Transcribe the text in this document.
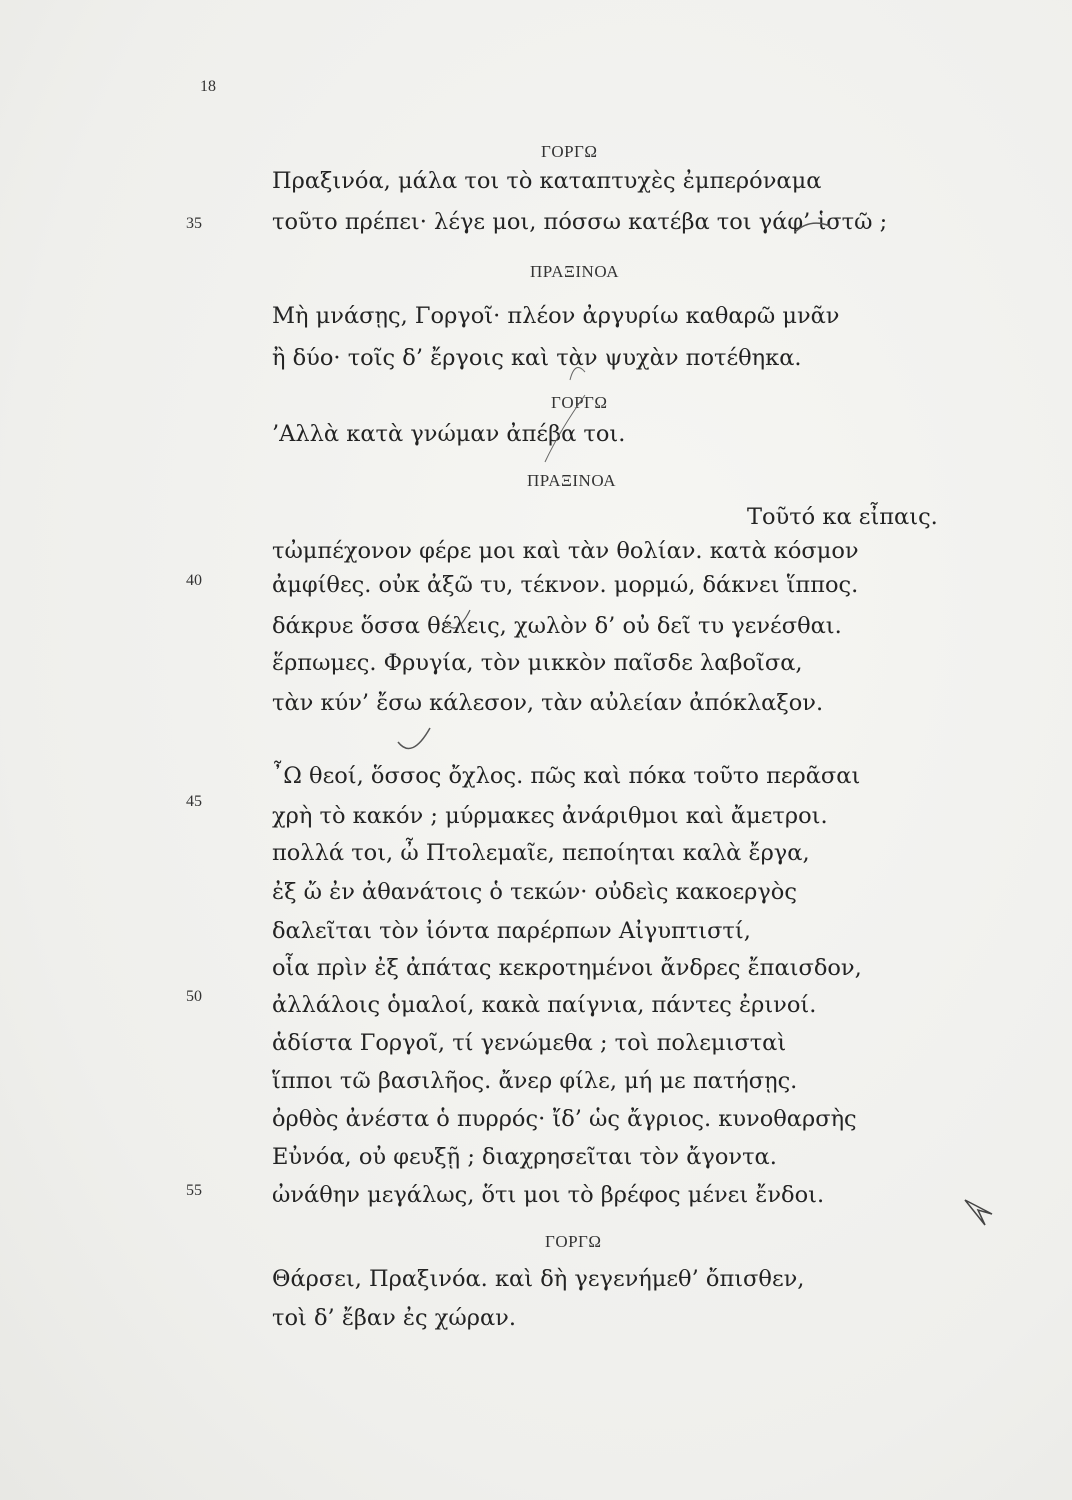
18
35
40
45
50
55
ΓΟΡΓΩ
Πραξινόα, μάλα τοι τὸ καταπτυχὲς ἐμπερόναμα
τοῦτο πρέπει· λέγε μοι, πόσσω κατέβα τοι γάφ’ ἱστῶ ;
ΠΡΑΞΙΝΟΑ
Μὴ μνάσῃς, Γοργοῖ· πλέον ἀργυρίω καθαρῶ μνᾶν
ἢ δύο· τοῖς δ’ ἔργοις καὶ τὰν ψυχὰν ποτέθηκα.
ΓΟΡΓΩ
’Αλλὰ κατὰ γνώμαν ἀπέβα τοι.
ΠΡΑΞΙΝΟΑ
Τοῦτό κα εἶπαις.
τὠμπέχονον φέρε μοι καὶ τὰν θολίαν. κατὰ κόσμον
ἀμφίθες. οὐκ ἀξῶ τυ, τέκνον. μορμώ, δάκνει ἵππος.
δάκρυε ὅσσα θέλεις, χωλὸν δ’ οὐ δεῖ τυ γενέσθαι.
ἕρπωμες. Φρυγία, τὸν μικκὸν παῖσδε λαβοῖσα,
τὰν κύν’ ἔσω κάλεσον, τὰν αὐλείαν ἀπόκλαξον.
῏Ω θεοί, ὅσσος ὄχλος. πῶς καὶ πόκα τοῦτο περᾶσαι
χρὴ τὸ κακόν ; μύρμακες ἀνάριθμοι καὶ ἄμετροι.
πολλά τοι, ὦ Πτολεμαῖε, πεποίηται καλὰ ἔργα,
ἐξ ὤ ἐν ἀθανάτοις ὁ τεκών· οὐδεὶς κακοεργὸς
δαλεῖται τὸν ἰόντα παρέρπων Αἰγυπτιστί,
οἷα πρὶν ἐξ ἀπάτας κεκροτημένοι ἄνδρες ἔπαισδον,
ἀλλάλοις ὁμαλοί, κακὰ παίγνια, πάντες ἐρινοί.
ἁδίστα Γοργοῖ, τί γενώμεθα ; τοὶ πολεμισταὶ
ἵπποι τῶ βασιλῆος. ἄνερ φίλε, μή με πατήσῃς.
ὀρθὸς ἀνέστα ὁ πυρρός· ἴδ’ ὡς ἄγριος. κυνοθαρσὴς
Εὐνόα, οὐ φευξῇ ; διαχρησεῖται τὸν ἄγοντα.
ὠνάθην μεγάλως, ὅτι μοι τὸ βρέφος μένει ἔνδοι.
ΓΟΡΓΩ
Θάρσει, Πραξινόα. καὶ δὴ γεγενήμεθ’ ὄπισθεν,
τοὶ δ’ ἔβαν ἐς χώραν.
